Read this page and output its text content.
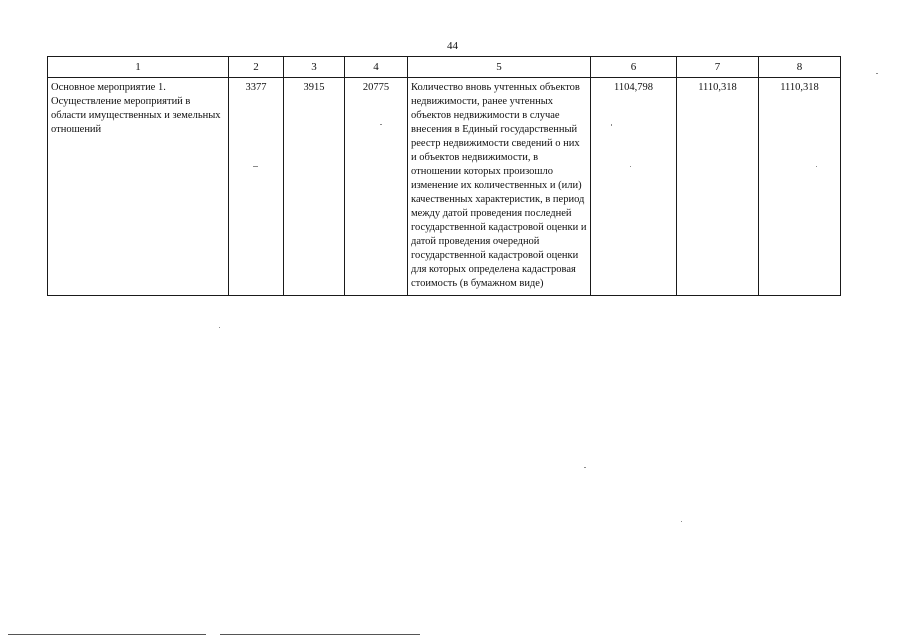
44
1	2	3	4	5	6	7	8
Основное мероприятие 1. Осуществление мероприятий в области имущественных и земельных отношений	3377	3915	20775	Количество вновь учтенных объектов недвижимости, ранее учтенных объектов недвижимости в случае внесения в Единый государственный реестр недвижимости сведений о них и объектов недвижимости, в отношении которых произошло изменение их количественных и (или) качественных характеристик, в период между датой проведения последней государственной кадастровой оценки и датой проведения очередной государственной кадастровой оценки для которых определена кадастровая стоимость (в бумажном виде)	1104,798	1110,318	1110,318
